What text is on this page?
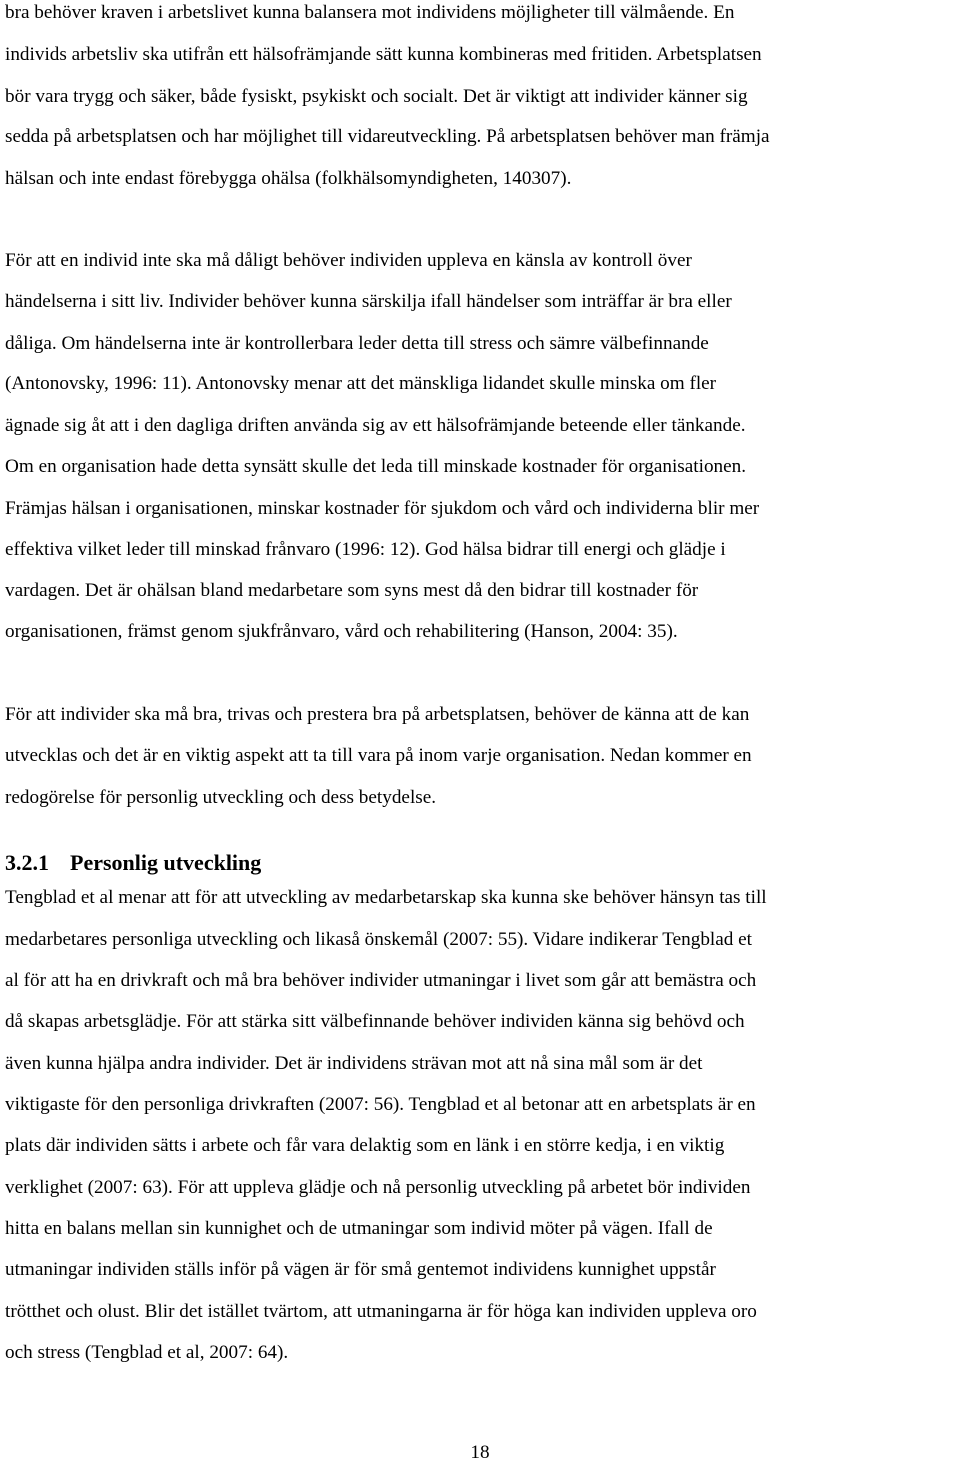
bra behöver kraven i arbetslivet kunna balansera mot individens möjligheter till välmående. En
individs arbetsliv ska utifrån ett hälsofrämjande sätt kunna kombineras med fritiden. Arbetsplatsen
bör vara trygg och säker, både fysiskt, psykiskt och socialt. Det är viktigt att individer känner sig
sedda på arbetsplatsen och har möjlighet till vidareutveckling. På arbetsplatsen behöver man främja
hälsan och inte endast förebygga ohälsa (folkhälsomyndigheten, 140307).
För att en individ inte ska må dåligt behöver individen uppleva en känsla av kontroll över
händelserna i sitt liv. Individer behöver kunna särskilja ifall händelser som inträffar är bra eller
dåliga. Om händelserna inte är kontrollerbara leder detta till stress och sämre välbefinnande
(Antonovsky, 1996: 11). Antonovsky menar att det mänskliga lidandet skulle minska om fler
ägnade sig åt att i den dagliga driften använda sig av ett hälsofrämjande beteende eller tänkande.
Om en organisation hade detta synsätt skulle det leda till minskade kostnader för organisationen.
Främjas hälsan i organisationen, minskar kostnader för sjukdom och vård och individerna blir mer
effektiva vilket leder till minskad frånvaro (1996: 12). God hälsa bidrar till energi och glädje i
vardagen. Det är ohälsan bland medarbetare som syns mest då den bidrar till kostnader för
organisationen, främst genom sjukfrånvaro, vård och rehabilitering (Hanson, 2004: 35).
För att individer ska må bra, trivas och prestera bra på arbetsplatsen, behöver de känna att de kan
utvecklas och det är en viktig aspekt att ta till vara på inom varje organisation. Nedan kommer en
redogörelse för personlig utveckling och dess betydelse.
3.2.1 Personlig utveckling
Tengblad et al menar att för att utveckling av medarbetarskap ska kunna ske behöver hänsyn tas till
medarbetares personliga utveckling och likaså önskemål (2007: 55). Vidare indikerar Tengblad et
al för att ha en drivkraft och må bra behöver individer utmaningar i livet som går att bemästra och
då skapas arbetsglädje. För att stärka sitt välbefinnande behöver individen känna sig behövd och
även kunna hjälpa andra individer. Det är individens strävan mot att nå sina mål som är det
viktigaste för den personliga drivkraften (2007: 56). Tengblad et al betonar att en arbetsplats är en
plats där individen sätts i arbete och får vara delaktig som en länk i en större kedja, i en viktig
verklighet (2007: 63). För att uppleva glädje och nå personlig utveckling på arbetet bör individen
hitta en balans mellan sin kunnighet och de utmaningar som individ möter på vägen. Ifall de
utmaningar individen ställs inför på vägen är för små gentemot individens kunnighet uppstår
trötthet och olust. Blir det istället tvärtom, att utmaningarna är för höga kan individen uppleva oro
och stress (Tengblad et al, 2007: 64).
18
